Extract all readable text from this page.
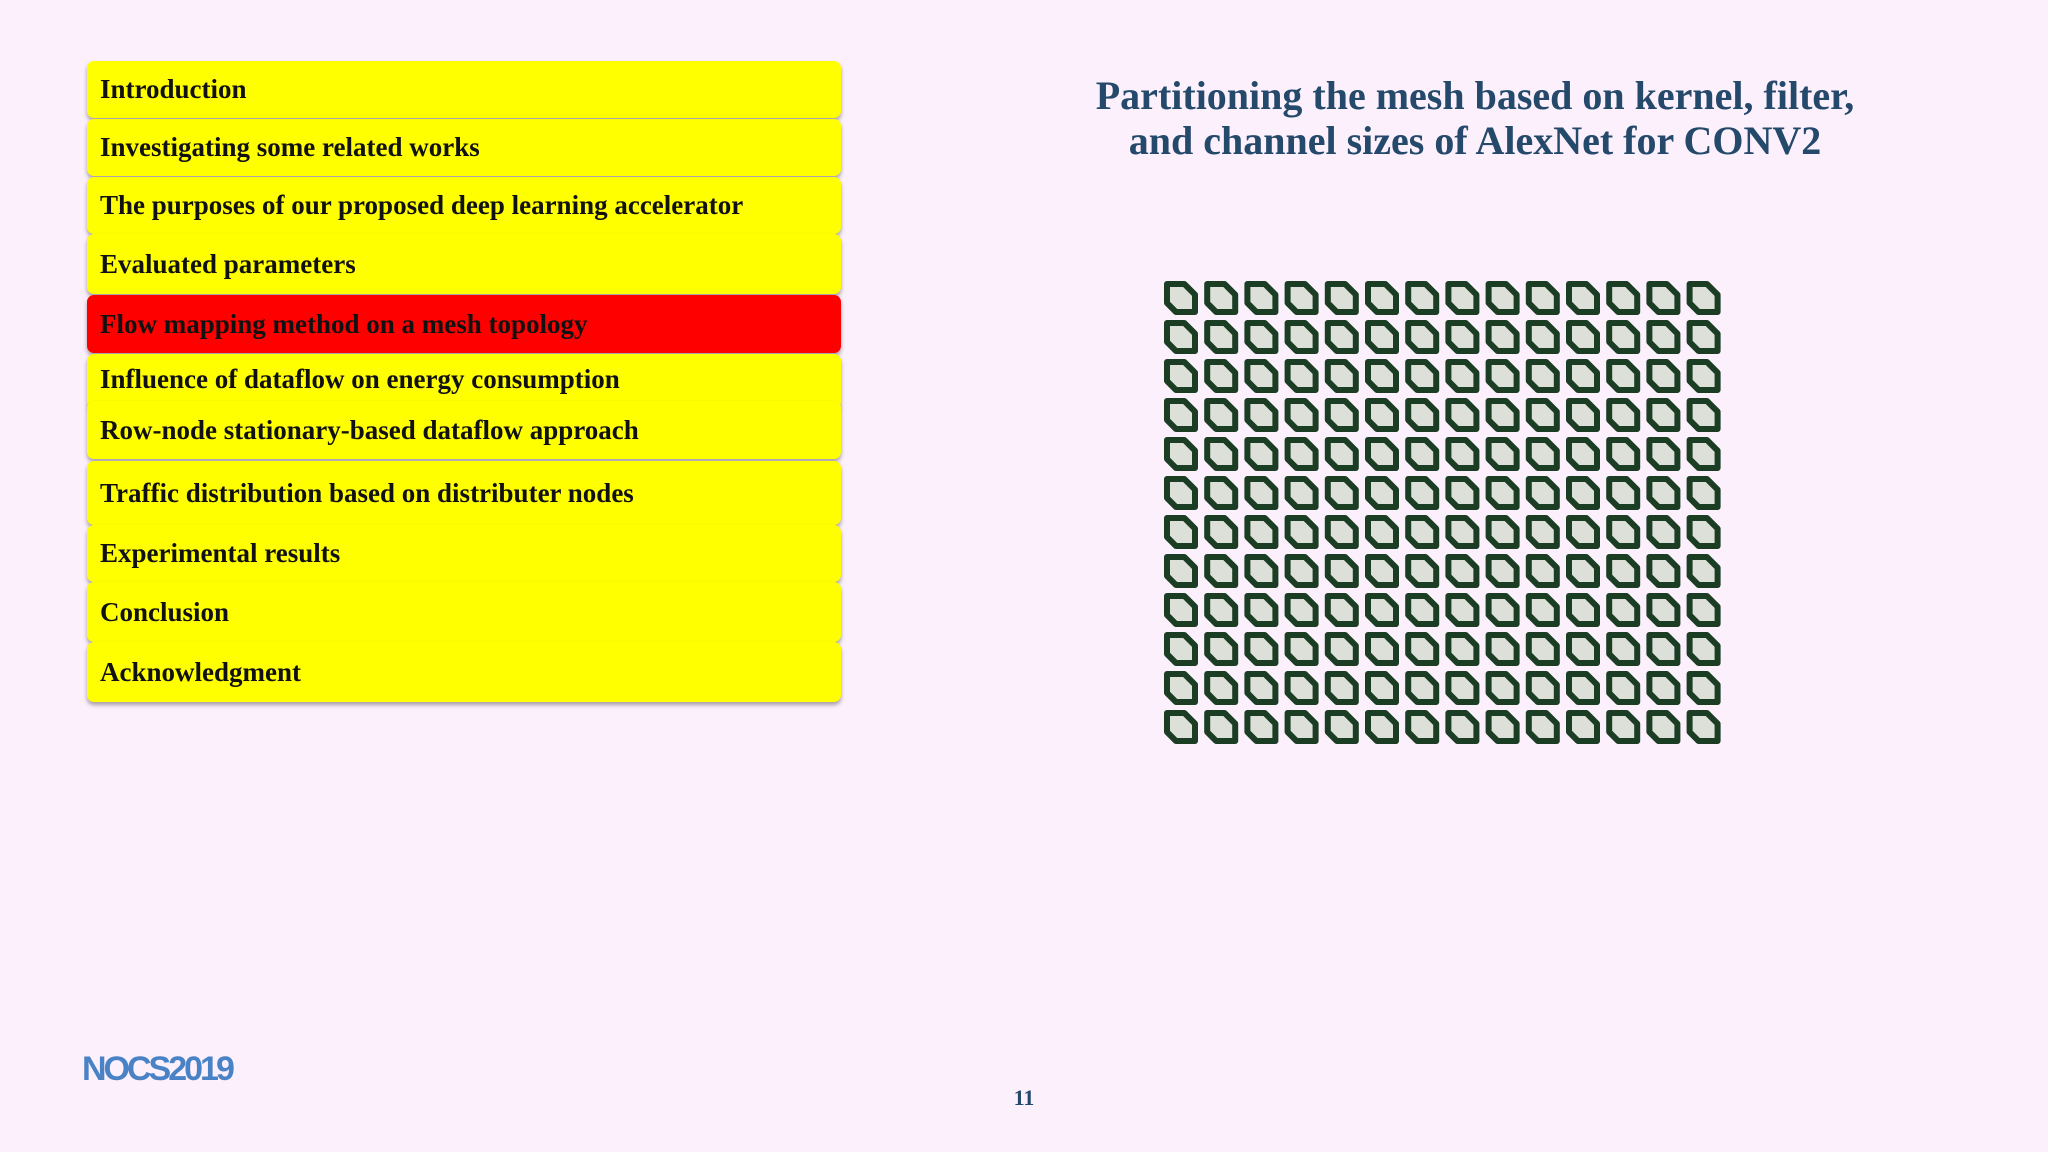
Introduction
Investigating some related works
The purposes of our proposed deep learning accelerator
Evaluated parameters
Flow mapping method on a mesh topology
Influence of dataflow on energy consumption
Row-node stationary-based dataflow approach
Traffic distribution based on distributer nodes
Experimental results
Conclusion
Acknowledgment
Partitioning the mesh based on kernel, filter,
and channel sizes of AlexNet for CONV2
NOCS2019
11
